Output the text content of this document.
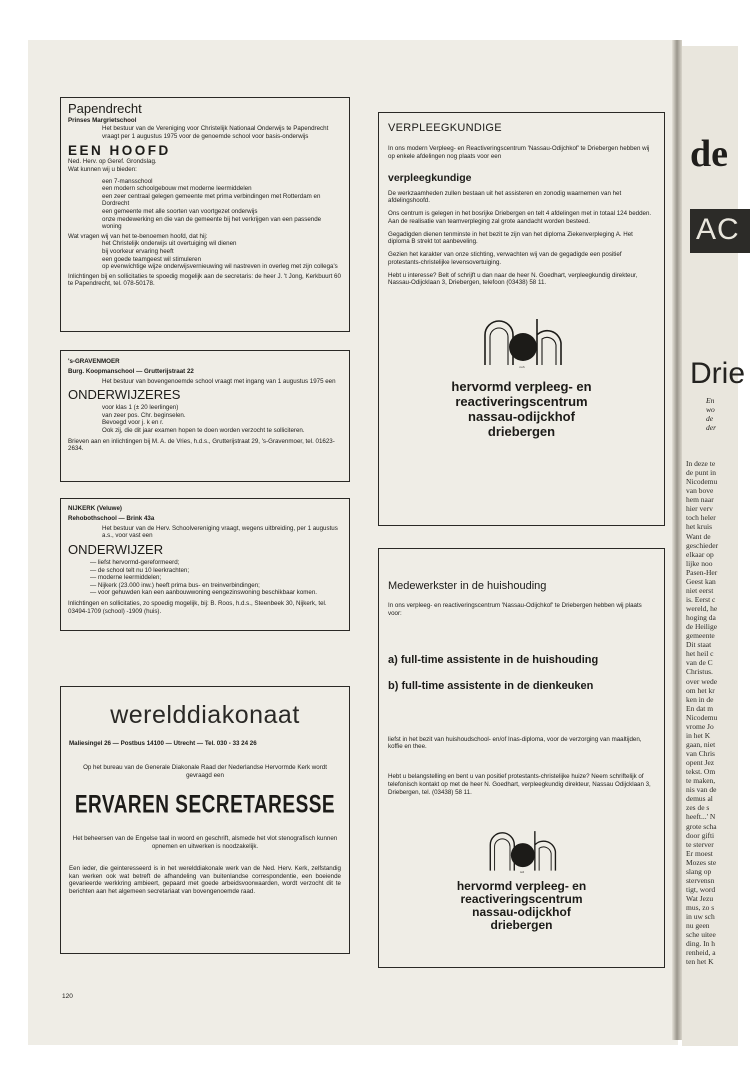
Papendrecht
Prinses Margrietschool

Het bestuur van de Vereniging voor Christelijk Nationaal Onderwijs te Papendrecht vraagt per 1 augustus 1975 voor de genoemde school voor basis-onderwijs

EEN HOOFD

Ned. Herv. op Geref. Grondslag.

Wat kunnen wij u bieden:

een 7-mansschool

een modern schoolgebouw met moderne leermiddelen

een zeer centraal gelegen gemeente met prima verbindingen met Rotterdam en Dordrecht

een gemeente met alle soorten van voortgezet onderwijs

onze medewerking en die van de gemeente bij het verkrijgen van een passende woning

Wat vragen wij van het te-benoemen hoofd, dat hij:

het Christelijk onderwijs uit overtuiging wil dienen

bij voorkeur ervaring heeft

een goede teamgeest wil stimuleren

op evenwichtige wijze onderwijsvernieuwing wil nastreven in overleg met zijn collega's

Inlichtingen bij en sollicitaties te spoedig mogelijk aan de secretaris: de heer J. 't Jong, Kerkbuurt 60 te Papendrecht, tel. 078-50178.

's-GRAVENMOER
Burg. Koopmanschool — Grutterijstraat 22

Het bestuur van bovengenoemde school vraagt met ingang van 1 augustus 1975 een

ONDERWIJZERES

voor klas 1 (± 20 leerlingen)

van zeer pos. Chr. beginselen.

Bevoegd voor j. k en r.

Ook zij, die dit jaar examen hopen te doen worden verzocht te solliciteren.

Brieven aan en inlichtingen bij M. A. de Vries, h.d.s., Grutterijstraat 29, 's-Gravenmoer, tel. 01623-2634.

NIJKERK (Veluwe)
Rehobothschool — Brink 43a

Het bestuur van de Herv. Schoolvereniging vraagt, wegens uitbreiding, per 1 augustus a.s., voor vast een

ONDERWIJZER

— liefst hervormd-gereformeerd;

— de school telt nu 10 leerkrachten;

— moderne leermiddelen;

— Nijkerk (23.000 inw.) heeft prima bus- en treinverbindingen;

— voor gehuwden kan een aanbouwwoning eengezinswoning beschikbaar komen.

Inlichtingen en sollicitaties, zo spoedig mogelijk, bij: B. Roos, h.d.s., Steenbeek 30, Nijkerk, tel. 03494-1709 (school) -1909 (huis).

werelddiakonaat

Maliesingel 26 — Postbus 14100 — Utrecht — Tel. 030 - 33 24 26

Op het bureau van de Generale Diakonale Raad der Nederlandse Hervormde Kerk wordt gevraagd een

ERVAREN SECRETARESSE

Het beheersen van de Engelse taal in woord en geschrift, alsmede het vlot stenografisch kunnen opnemen en uitwerken is noodzakelijk.

Een ieder, die geinteresseerd is in het werelddiakonale werk van de Ned. Herv. Kerk, zelfstandig kan werken ook wat betreft de afhandeling van buitenlandse correspondentie, een boeiende gevarieerde werkkring ambieert, gepaard met goede arbeidsvoorwaarden, wordt verzocht dit te berichten aan het algemeen secretariaat van bovengenoemde raad.

120
VERPLEEGKUNDIGE

In ons modern Verpleeg- en Reactiveringscentrum 'Nassau-Odijchkof' te Driebergen hebben wij op enkele afdelingen nog plaats voor een

verpleegkundige

De werkzaamheden zullen bestaan uit het assisteren en zonodig waarnemen van het afdelingshoofd.

Ons centrum is gelegen in het bosrijke Driebergen en telt 4 afdelingen met in totaal 124 bedden. Aan de realisatie van teamverpleging zal grote aandacht worden besteed.

Gegadigden dienen tenminste in het bezit te zijn van het diploma Ziekenverpleging A. Het diploma B strekt tot aanbeveling.

Gezien het karakter van onze stichting, verwachten wij van de gegadigde een positief protestants-christelijke levensovertuiging.

Hebt u interesse? Belt of schrijft u dan naar de heer N. Goedhart, verpleegkundig direkteur, Nassau-Odijcklaan 3, Driebergen, telefoon (03438) 58 11.

noh
hervormd verpleeg- en
reactiveringscentrum
nassau-odijckhof
driebergen
Medewerkster in de huishouding

In ons verpleeg- en reactiveringscentrum 'Nassau-Odijchkof' te Driebergen hebben wij plaats voor:

a) full-time assistente in de huishouding
b) full-time assistente in de dienkeuken

liefst in het bezit van huishoudschool- en/of Inas-diploma, voor de verzorging van maaltijden, koffie en thee.

Hebt u belangstelling en bent u van positief protestants-christelijke huize? Neem schriftelijk of telefonisch kontakt op met de heer N. Goedhart, verpleegkundig direkteur, Nassau Odijcklaan 3, Driebergen, tel. (03438) 58 11.

noh
hervormd verpleeg- en
reactiveringscentrum
nassau-odijckhof
driebergen
de
AC
Drie
En
wo
de
der
In deze te
de punt in
Nicodemu
van bove
hem naar
hier verv
toch heler
het kruis
Want de
geschieder
elkaar op
lijke noo
Pasen-Her
Geest kan
niet eerst
is. Eerst c
wereld, he
hoging da
de Heilige
gemeente
Dit staat
het heil c
van de C
Christus.
over wede
om het kr
ken in de
En dat m
Nicodemu
vrome Jo
in het K
gaan, niet
van Chris
opent Jez
tekst. Om
te maken,
nis van de
demus al
zes de s
heeft...' N
grote scha
door gifti
te sterver
Er moest
Mozes ste
slang op
stervensn
tigt, word
Wat Jezu
mus, zo s
in uw sch
nu geen
sche uitee
ding. In h
renheid, a
ten het K
